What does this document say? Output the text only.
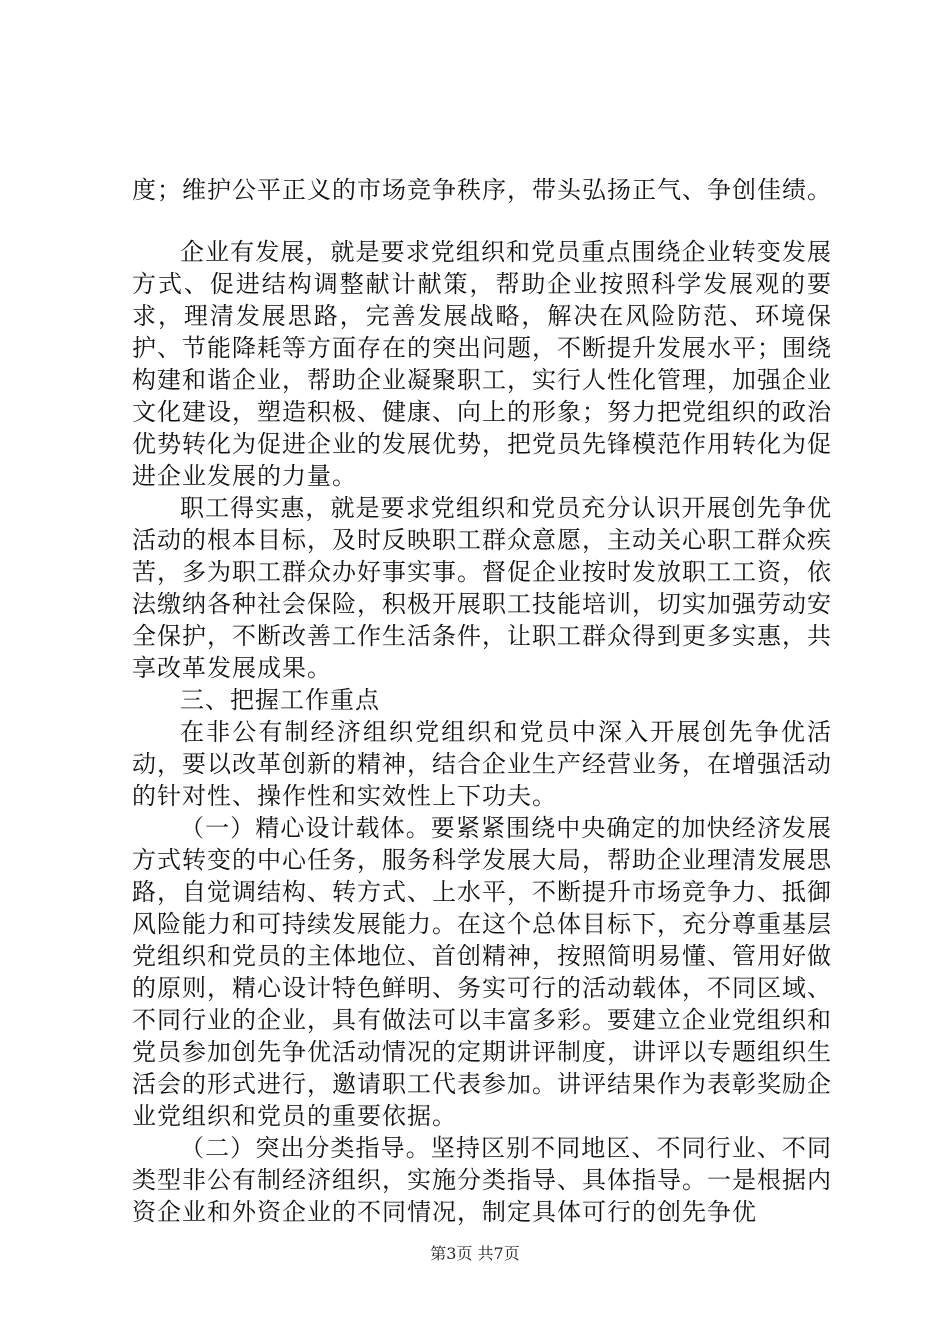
度；维护公平正义的市场竞争秩序，带头弘扬正气、争创佳绩。

企业有发展，就是要求党组织和党员重点围绕企业转变发展方式、促进结构调整献计献策，帮助企业按照科学发展观的要求，理清发展思路，完善发展战略，解决在风险防范、环境保护、节能降耗等方面存在的突出问题，不断提升发展水平；围绕构建和谐企业，帮助企业凝聚职工，实行人性化管理，加强企业文化建设，塑造积极、健康、向上的形象；努力把党组织的政治优势转化为促进企业的发展优势，把党员先锋模范作用转化为促进企业发展的力量。

职工得实惠，就是要求党组织和党员充分认识开展创先争优活动的根本目标，及时反映职工群众意愿，主动关心职工群众疾苦，多为职工群众办好事实事。督促企业按时发放职工工资，依法缴纳各种社会保险，积极开展职工技能培训，切实加强劳动安全保护，不断改善工作生活条件，让职工群众得到更多实惠，共享改革发展成果。

三、把握工作重点

在非公有制经济组织党组织和党员中深入开展创先争优活动，要以改革创新的精神，结合企业生产经营业务，在增强活动的针对性、操作性和实效性上下功夫。

（一）精心设计载体。要紧紧围绕中央确定的加快经济发展方式转变的中心任务，服务科学发展大局，帮助企业理清发展思路，自觉调结构、转方式、上水平，不断提升市场竞争力、抵御风险能力和可持续发展能力。在这个总体目标下，充分尊重基层党组织和党员的主体地位、首创精神，按照简明易懂、管用好做的原则，精心设计特色鲜明、务实可行的活动载体，不同区域、不同行业的企业，具有做法可以丰富多彩。要建立企业党组织和党员参加创先争优活动情况的定期讲评制度，讲评以专题组织生活会的形式进行，邀请职工代表参加。讲评结果作为表彰奖励企业党组织和党员的重要依据。

（二）突出分类指导。坚持区别不同地区、不同行业、不同类型非公有制经济组织，实施分类指导、具体指导。一是根据内资企业和外资企业的不同情况，制定具体可行的创先争优

第3页 共7页
